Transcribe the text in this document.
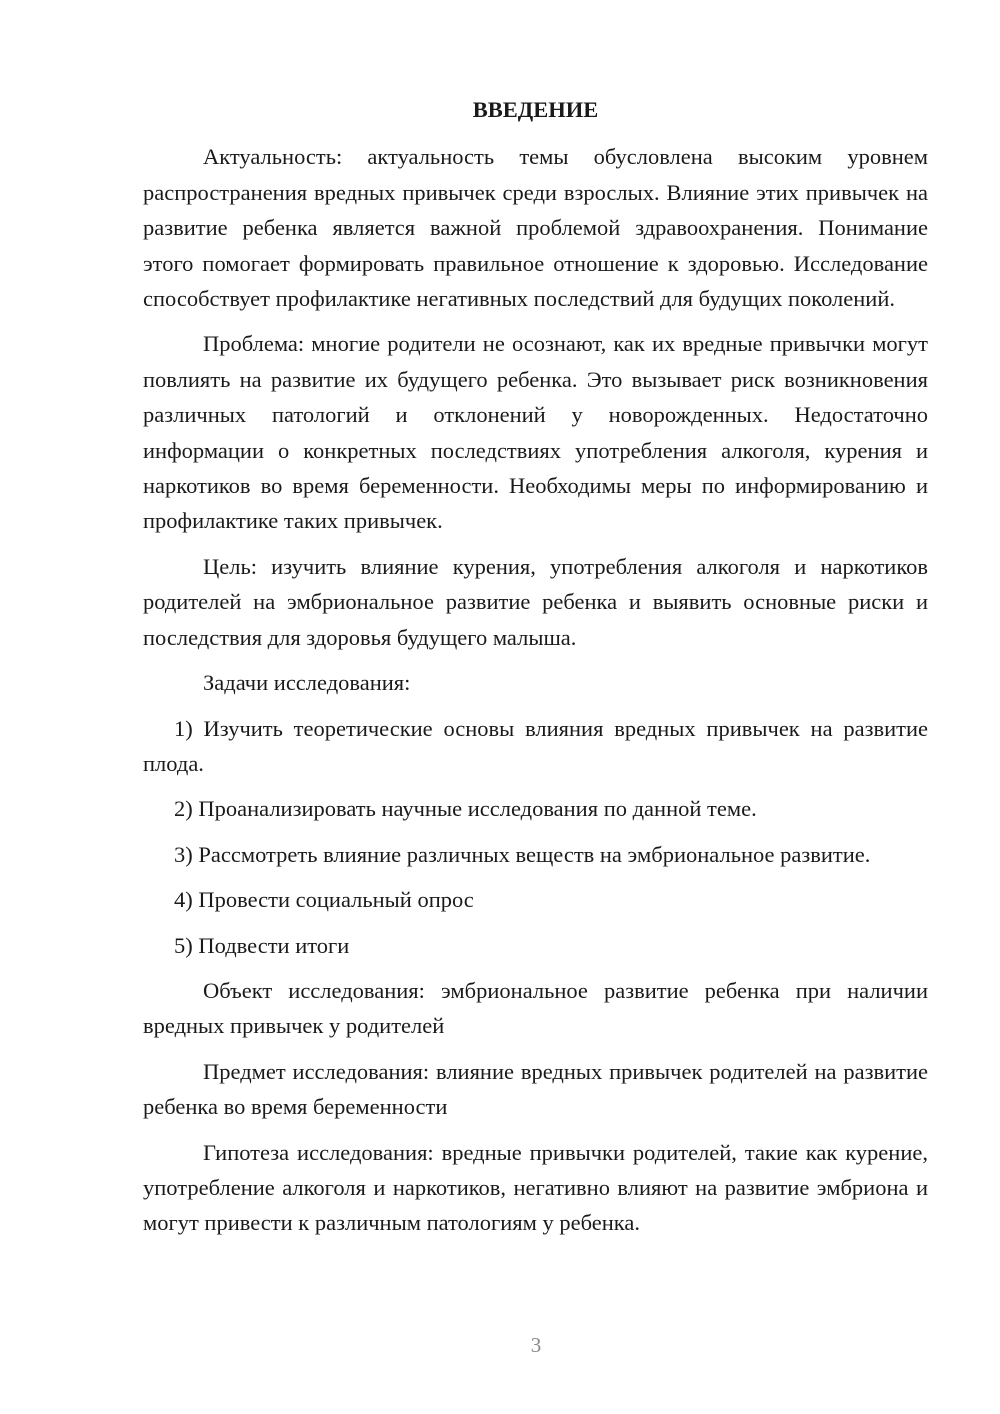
ВВЕДЕНИЕ

Актуальность: актуальность темы обусловлена высоким уровнем распространения вредных привычек среди взрослых. Влияние этих привычек на развитие ребенка является важной проблемой здравоохранения. Понимание этого помогает формировать правильное отношение к здоровью. Исследование способствует профилактике негативных последствий для будущих поколений.

Проблема: многие родители не осознают, как их вредные привычки могут повлиять на развитие их будущего ребенка. Это вызывает риск возникновения различных патологий и отклонений у новорожденных. Недостаточно информации о конкретных последствиях употребления алкоголя, курения и наркотиков во время беременности. Необходимы меры по информированию и профилактике таких привычек.

Цель: изучить влияние курения, употребления алкоголя и наркотиков родителей на эмбриональное развитие ребенка и выявить основные риски и последствия для здоровья будущего малыша.

Задачи исследования:

1) Изучить теоретические основы влияния вредных привычек на развитие плода.

2) Проанализировать научные исследования по данной теме.

3) Рассмотреть влияние различных веществ на эмбриональное развитие.

4) Провести социальный опрос

5) Подвести итоги

Объект исследования: эмбриональное развитие ребенка при наличии вредных привычек у родителей

Предмет исследования: влияние вредных привычек родителей на развитие ребенка во время беременности

Гипотеза исследования: вредные привычки родителей, такие как курение, употребление алкоголя и наркотиков, негативно влияют на развитие эмбриона и могут привести к различным патологиям у ребенка.

3
